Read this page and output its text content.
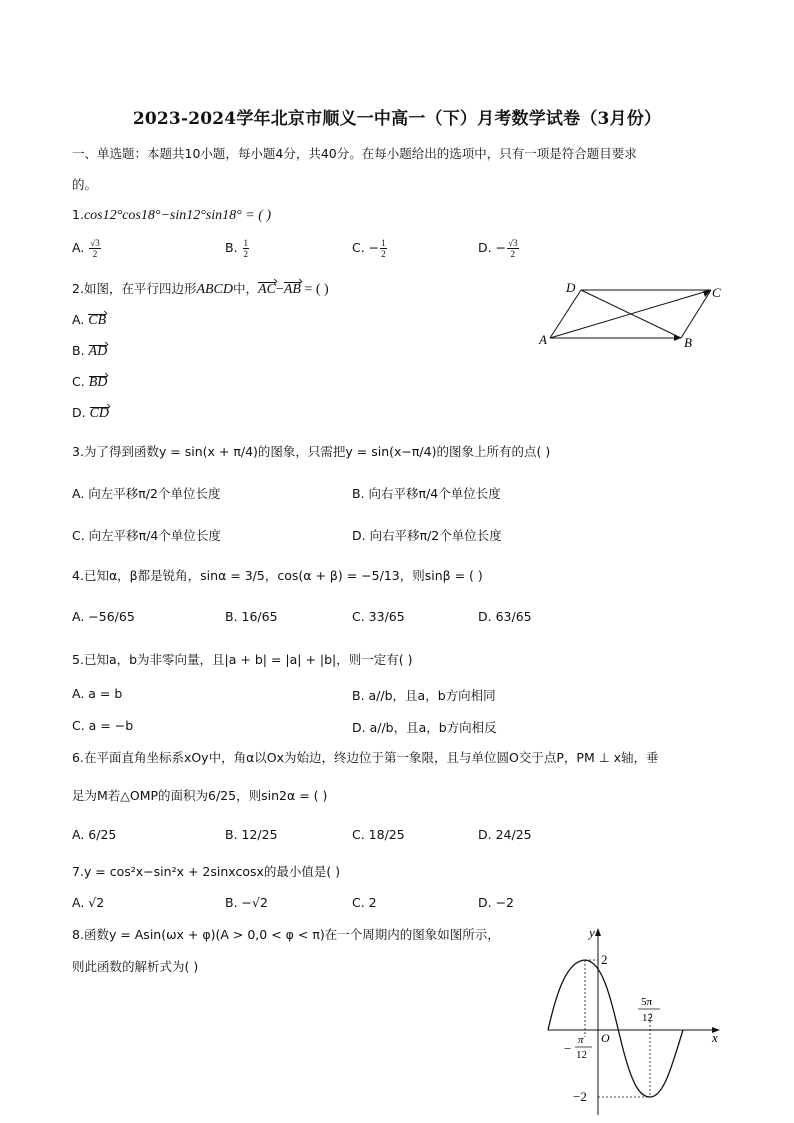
2023-2024学年北京市顺义一中高一（下）月考数学试卷（3月份）
一、单选题：本题共10小题，每小题4分，共40分。在每小题给出的选项中，只有一项是符合题目要求
的。
1.cos12°cos18°−sin12°sin18° = ( )
A. $\frac{√3}{2}$	B. $\frac{1}{2}$	C. − $\frac{1}{2}$	D. − $\frac{√3}{2}$
2.如图，在平行四边形ABCD中，AC−AB = ( )
A. CB
B. AD
C. BD
D. CD
D	C
A	B
3.为了得到函数y = sin(x + π/4)的图象，只需把y = sin(x−π/4)的图象上所有的点( )
A. 向左平移π/2个单位长度	B. 向右平移π/4个单位长度
C. 向左平移π/4个单位长度	D. 向右平移π/2个单位长度
4.已知α，β都是锐角，sinα = 3/5，cos(α + β) = −5/13，则sinβ = ( )
A. −56/65	B. 16/65	C. 33/65	D. 63/65
5.已知a，b为非零向量，且|a + b| = |a| + |b|，则一定有( )
A. a = b	B. a//b，且a，b方向相同
C. a = −b	D. a//b，且a，b方向相反
6.在平面直角坐标系xOy中，角α以Ox为始边，终边位于第一象限，且与单位圆O交于点P，PM ⊥ x轴，垂
足为M若△OMP的面积为6/25，则sin2α = ( )
A. 6/25	B. 12/25	C. 18/25	D. 24/25
7.y = cos²x−sin²x + 2sinxcosx的最小值是( )
A. √2	B. −√2	C. 2	D. −2
8.函数y = Asin(ωx + φ)(A > 0,0 < φ < π)在一个周期内的图象如图所示，
则此函数的解析式为( )
y
x
O
2
−2
−
π
12
5π
12
